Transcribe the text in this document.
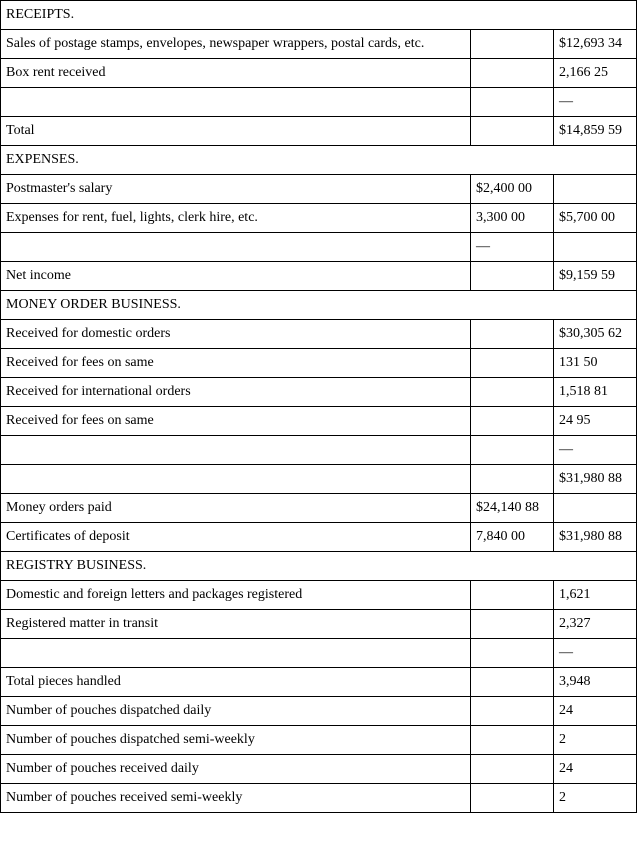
RECEIPTS.		
Sales of postage stamps, envelopes, newspaper wrappers, postal cards, etc.		$12,693 34
Box rent received		2,166 25
		—
Total		$14,859 59
EXPENSES.		
Postmaster's salary	$2,400 00	
Expenses for rent, fuel, lights, clerk hire, etc.	3,300 00	$5,700 00
	—	
Net income		$9,159 59
MONEY ORDER BUSINESS.		
Received for domestic orders		$30,305 62
Received for fees on same		131 50
Received for international orders		1,518 81
Received for fees on same		24 95
		—
		$31,980 88
Money orders paid	$24,140 88	
Certificates of deposit	7,840 00	$31,980 88
REGISTRY BUSINESS.		
Domestic and foreign letters and packages registered		1,621
Registered matter in transit		2,327
		—
Total pieces handled		3,948
Number of pouches dispatched daily		24
Number of pouches dispatched semi-weekly		2
Number of pouches received daily		24
Number of pouches received semi-weekly		2
